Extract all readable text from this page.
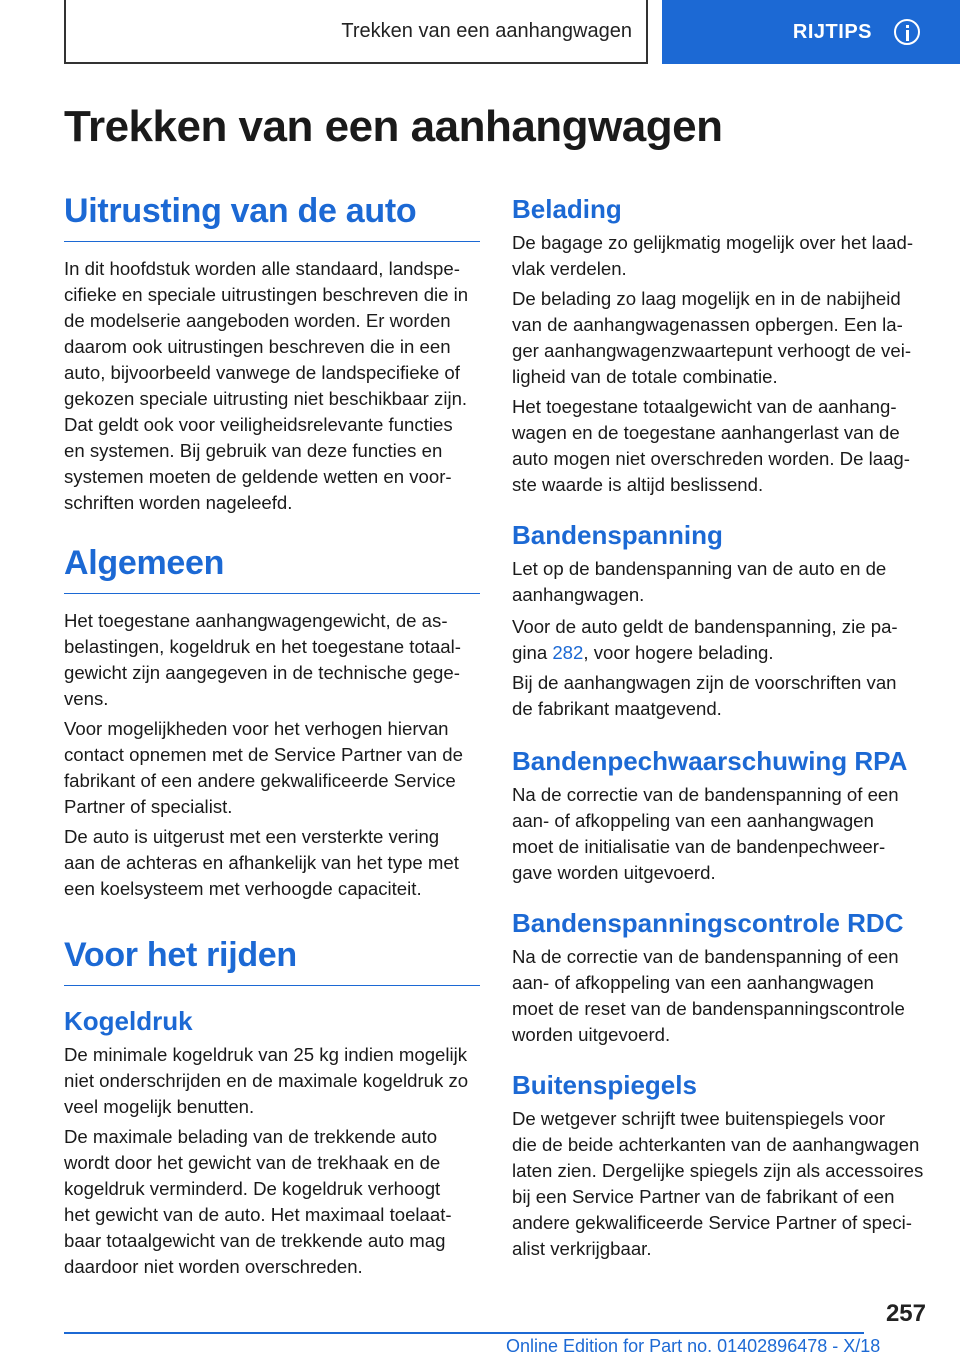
Trekken van een aanhangwagen	RIJTIPS
Trekken van een aanhangwagen
Uitrusting van de auto
In dit hoofdstuk worden alle standaard, landspe-
cifieke en speciale uitrustingen beschreven die in
de modelserie aangeboden worden. Er worden
daarom ook uitrustingen beschreven die in een
auto, bijvoorbeeld vanwege de landspecifieke of
gekozen speciale uitrusting niet beschikbaar zijn.
Dat geldt ook voor veiligheidsrelevante functies
en systemen. Bij gebruik van deze functies en
systemen moeten de geldende wetten en voor-
schriften worden nageleefd.
Algemeen
Het toegestane aanhangwagengewicht, de as-
belastingen, kogeldruk en het toegestane totaal-
gewicht zijn aangegeven in de technische gege-
vens.
Voor mogelijkheden voor het verhogen hiervan
contact opnemen met de Service Partner van de
fabrikant of een andere gekwalificeerde Service
Partner of specialist.
De auto is uitgerust met een versterkte vering
aan de achteras en afhankelijk van het type met
een koelsysteem met verhoogde capaciteit.
Voor het rijden
Kogeldruk
De minimale kogeldruk van 25 kg indien mogelijk
niet onderschrijden en de maximale kogeldruk zo
veel mogelijk benutten.
De maximale belading van de trekkende auto
wordt door het gewicht van de trekhaak en de
kogeldruk verminderd. De kogeldruk verhoogt
het gewicht van de auto. Het maximaal toelaat-
baar totaalgewicht van de trekkende auto mag
daardoor niet worden overschreden.
Belading
De bagage zo gelijkmatig mogelijk over het laad-
vlak verdelen.
De belading zo laag mogelijk en in de nabijheid
van de aanhangwagenassen opbergen. Een la-
ger aanhangwagenzwaartepunt verhoogt de vei-
ligheid van de totale combinatie.
Het toegestane totaalgewicht van de aanhang-
wagen en de toegestane aanhangerlast van de
auto mogen niet overschreden worden. De laag-
ste waarde is altijd beslissend.
Bandenspanning
Let op de bandenspanning van de auto en de
aanhangwagen.
Voor de auto geldt de bandenspanning, zie pa-
gina 282, voor hogere belading.
Bij de aanhangwagen zijn de voorschriften van
de fabrikant maatgevend.
Bandenpechwaarschuwing RPA
Na de correctie van de bandenspanning of een
aan- of afkoppeling van een aanhangwagen
moet de initialisatie van de bandenpechweer-
gave worden uitgevoerd.
Bandenspanningscontrole RDC
Na de correctie van de bandenspanning of een
aan- of afkoppeling van een aanhangwagen
moet de reset van de bandenspanningscontrole
worden uitgevoerd.
Buitenspiegels
De wetgever schrijft twee buitenspiegels voor
die de beide achterkanten van de aanhangwagen
laten zien. Dergelijke spiegels zijn als accessoires
bij een Service Partner van de fabrikant of een
andere gekwalificeerde Service Partner of speci-
alist verkrijgbaar.
257
Online Edition for Part no. 01402896478 - X/18
